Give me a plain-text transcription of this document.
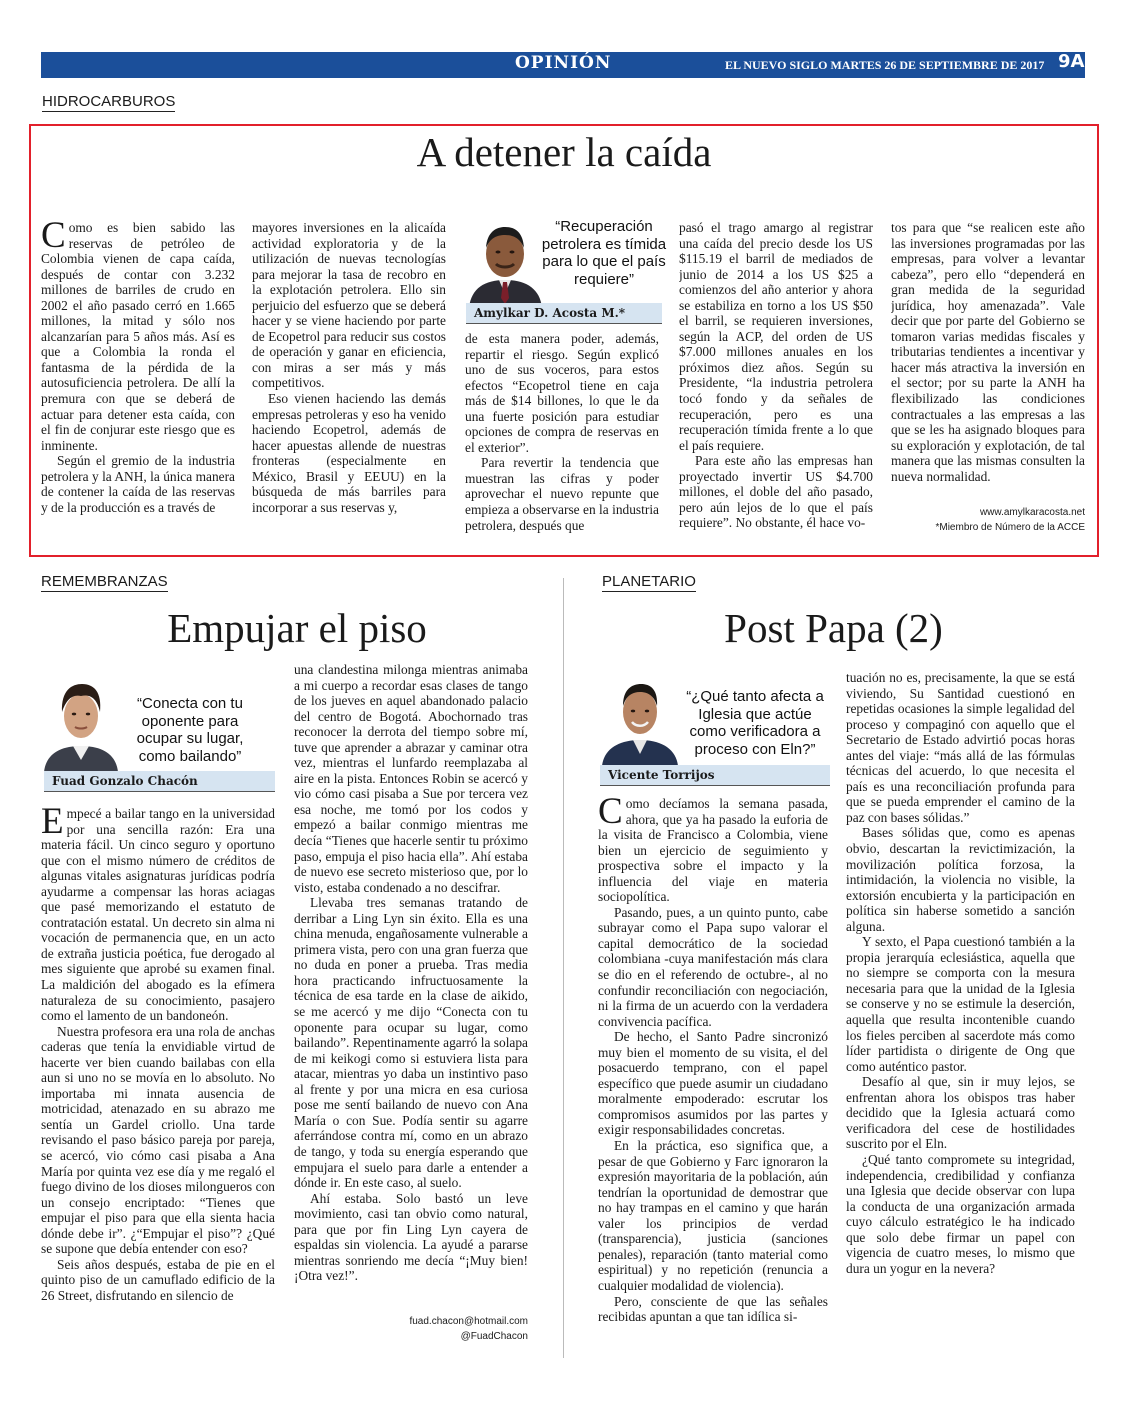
OPINIÓN	EL NUEVO SIGLO MARTES 26 DE SEPTIEMBRE DE 2017 9A
HIDROCARBUROS
A detener la caída

Como es bien sabido las reservas de petróleo de Colombia vienen de capa caída, después de contar con 3.232 millones de barriles de crudo en 2002 el año pasado cerró en 1.665 millones, la mitad y sólo nos alcanzarían para 5 años más. Así es que a Colombia la ronda el fantasma de la pérdida de la autosuficiencia petrolera. De allí la premura con que se deberá de actuar para detener esta caída, con el fin de conjurar este riesgo que es inminente.

Según el gremio de la industria petrolera y la ANH, la única manera de contener la caída de las reservas y de la producción es a través de

mayores inversiones en la alicaída actividad exploratoria y de la utilización de nuevas tecnologías para mejorar la tasa de recobro en la explotación petrolera. Ello sin perjuicio del esfuerzo que se deberá hacer y se viene haciendo por parte de Ecopetrol para reducir sus costos de operación y ganar en eficiencia, con miras a ser más y más competitivos.

Eso vienen haciendo las demás empresas petroleras y eso ha venido haciendo Ecopetrol, además de hacer apuestas allende de nuestras fronteras (especialmente en México, Brasil y EEUU) en la búsqueda de más barriles para incorporar a sus reservas y,

“Recuperación petrolera es tímida para lo que el país requiere”
Amylkar D. Acosta M.*

de esta manera poder, además, repartir el riesgo. Según explicó uno de sus voceros, para estos efectos “Ecopetrol tiene en caja más de $14 billones, lo que le da una fuerte posición para estudiar opciones de compra de reservas en el exterior”.

Para revertir la tendencia que muestran las cifras y poder aprovechar el nuevo repunte que empieza a observarse en la industria petrolera, después que

pasó el trago amargo al registrar una caída del precio desde los US $115.19 el barril de mediados de junio de 2014 a los US $25 a comienzos del año anterior y ahora se estabiliza en torno a los US $50 el barril, se requieren inversiones, según la ACP, del orden de US $7.000 millones anuales en los próximos diez años. Según su Presidente, “la industria petrolera tocó fondo y da señales de recuperación, pero es una recuperación tímida frente a lo que el país requiere.

Para este año las empresas han proyectado invertir US $4.700 millones, el doble del año pasado, pero aún lejos de lo que el país requiere”. No obstante, él hace vo-

tos para que “se realicen este año las inversiones programadas por las empresas, para volver a levantar cabeza”, pero ello “dependerá en gran medida de la seguridad jurídica, hoy amenazada”. Vale decir que por parte del Gobierno se tomaron varias medidas fiscales y tributarias tendientes a incentivar y hacer más atractiva la inversión en el sector; por su parte la ANH ha flexibilizado las condiciones contractuales a las empresas a las que se les ha asignado bloques para su exploración y explotación, de tal manera que las mismas consulten la nueva normalidad.

www.amylkaracosta.net
*Miembro de Número de la ACCE
REMEMBRANZAS
Empujar el piso
“Conecta con tu oponente para ocupar su lugar, como bailando”
Fuad Gonzalo Chacón

Empecé a bailar tango en la universidad por una sencilla razón: Era una materia fácil. Un cinco seguro y oportuno que con el mismo número de créditos de algunas vitales asignaturas jurídicas podría ayudarme a compensar las horas aciagas que pasé memorizando el estatuto de contratación estatal. Un decreto sin alma ni vocación de permanencia que, en un acto de extraña justicia poética, fue derogado al mes siguiente que aprobé su examen final. La maldición del abogado es la efímera naturaleza de su conocimiento, pasajero como el lamento de un bandoneón.

Nuestra profesora era una rola de anchas caderas que tenía la envidiable virtud de hacerte ver bien cuando bailabas con ella aun si uno no se movía en lo absoluto. No importaba mi innata ausencia de motricidad, atenazado en su abrazo me sentía un Gardel criollo. Una tarde revisando el paso básico pareja por pareja, se acercó, vio cómo casi pisaba a Ana María por quinta vez ese día y me regaló el fuego divino de los dioses milongueros con un consejo encriptado: “Tienes que empujar el piso para que ella sienta hacia dónde debe ir”. ¿“Empujar el piso”? ¿Qué se supone que debía entender con eso?

Seis años después, estaba de pie en el quinto piso de un camuflado edificio de la 26 Street, disfrutando en silencio de

una clandestina milonga mientras animaba a mi cuerpo a recordar esas clases de tango de los jueves en aquel abandonado palacio del centro de Bogotá. Abochornado tras reconocer la derrota del tiempo sobre mí, tuve que aprender a abrazar y caminar otra vez, mientras el lunfardo reemplazaba al aire en la pista. Entonces Robin se acercó y vio cómo casi pisaba a Sue por tercera vez esa noche, me tomó por los codos y empezó a bailar conmigo mientras me decía “Tienes que hacerle sentir tu próximo paso, empuja el piso hacia ella”. Ahí estaba de nuevo ese secreto misterioso que, por lo visto, estaba condenado a no descifrar.

Llevaba tres semanas tratando de derribar a Ling Lyn sin éxito. Ella es una china menuda, engañosamente vulnerable a primera vista, pero con una gran fuerza que no duda en poner a prueba. Tras media hora practicando infructuosamente la técnica de esa tarde en la clase de aikido, se me acercó y me dijo “Conecta con tu oponente para ocupar su lugar, como bailando”. Repentinamente agarró la solapa de mi keikogi como si estuviera lista para atacar, mientras yo daba un instintivo paso al frente y por una micra en esa curiosa pose me sentí bailando de nuevo con Ana María o con Sue. Podía sentir su agarre aferrándose contra mí, como en un abrazo de tango, y toda su energía esperando que empujara el suelo para darle a entender a dónde ir. En este caso, al suelo.

Ahí estaba. Solo bastó un leve movimiento, casi tan obvio como natural, para que por fin Ling Lyn cayera de espaldas sin violencia. La ayudé a pararse mientras sonriendo me decía “¡Muy bien! ¡Otra vez!”.

fuad.chacon@hotmail.com
@FuadChacon
PLANETARIO
Post Papa (2)
“¿Qué tanto afecta a Iglesia que actúe como verificadora a proceso con Eln?”
Vicente Torrijos

Como decíamos la semana pasada, ahora, que ya ha pasado la euforia de la visita de Francisco a Colombia, viene bien un ejercicio de seguimiento y prospectiva sobre el impacto y la influencia del viaje en materia sociopolítica.

Pasando, pues, a un quinto punto, cabe subrayar como el Papa supo valorar el capital democrático de la sociedad colombiana -cuya manifestación más clara se dio en el referendo de octubre-, al no confundir reconciliación con negociación, ni la firma de un acuerdo con la verdadera convivencia pacífica.

De hecho, el Santo Padre sincronizó muy bien el momento de su visita, el del posacuerdo temprano, con el papel específico que puede asumir un ciudadano moralmente empoderado: escrutar los compromisos asumidos por las partes y exigir responsabilidades concretas.

En la práctica, eso significa que, a pesar de que Gobierno y Farc ignoraron la expresión mayoritaria de la población, aún tendrían la oportunidad de demostrar que no hay trampas en el camino y que harán valer los principios de verdad (transparencia), justicia (sanciones penales), reparación (tanto material como espiritual) y no repetición (renuncia a cualquier modalidad de violencia).

Pero, consciente de que las señales recibidas apuntan a que tan idílica si-

tuación no es, precisamente, la que se está viviendo, Su Santidad cuestionó en repetidas ocasiones la simple legalidad del proceso y compaginó con aquello que el Secretario de Estado advirtió pocas horas antes del viaje: “más allá de las fórmulas técnicas del acuerdo, lo que necesita el país es una reconciliación profunda para que se pueda emprender el camino de la paz con bases sólidas.”

Bases sólidas que, como es apenas obvio, descartan la revictimización, la movilización política forzosa, la intimidación, la violencia no visible, la extorsión encubierta y la participación en política sin haberse sometido a sanción alguna.

Y sexto, el Papa cuestionó también a la propia jerarquía eclesiástica, aquella que no siempre se comporta con la mesura necesaria para que la unidad de la Iglesia se conserve y no se estimule la deserción, aquella que resulta incontenible cuando los fieles perciben al sacerdote más como líder partidista o dirigente de Ong que como auténtico pastor.

Desafío al que, sin ir muy lejos, se enfrentan ahora los obispos tras haber decidido que la Iglesia actuará como verificadora del cese de hostilidades suscrito por el Eln.

¿Qué tanto compromete su integridad, independencia, credibilidad y confianza una Iglesia que decide observar con lupa la conducta de una organización armada cuyo cálculo estratégico le ha indicado que solo debe firmar un papel con vigencia de cuatro meses, lo mismo que dura un yogur en la nevera?
